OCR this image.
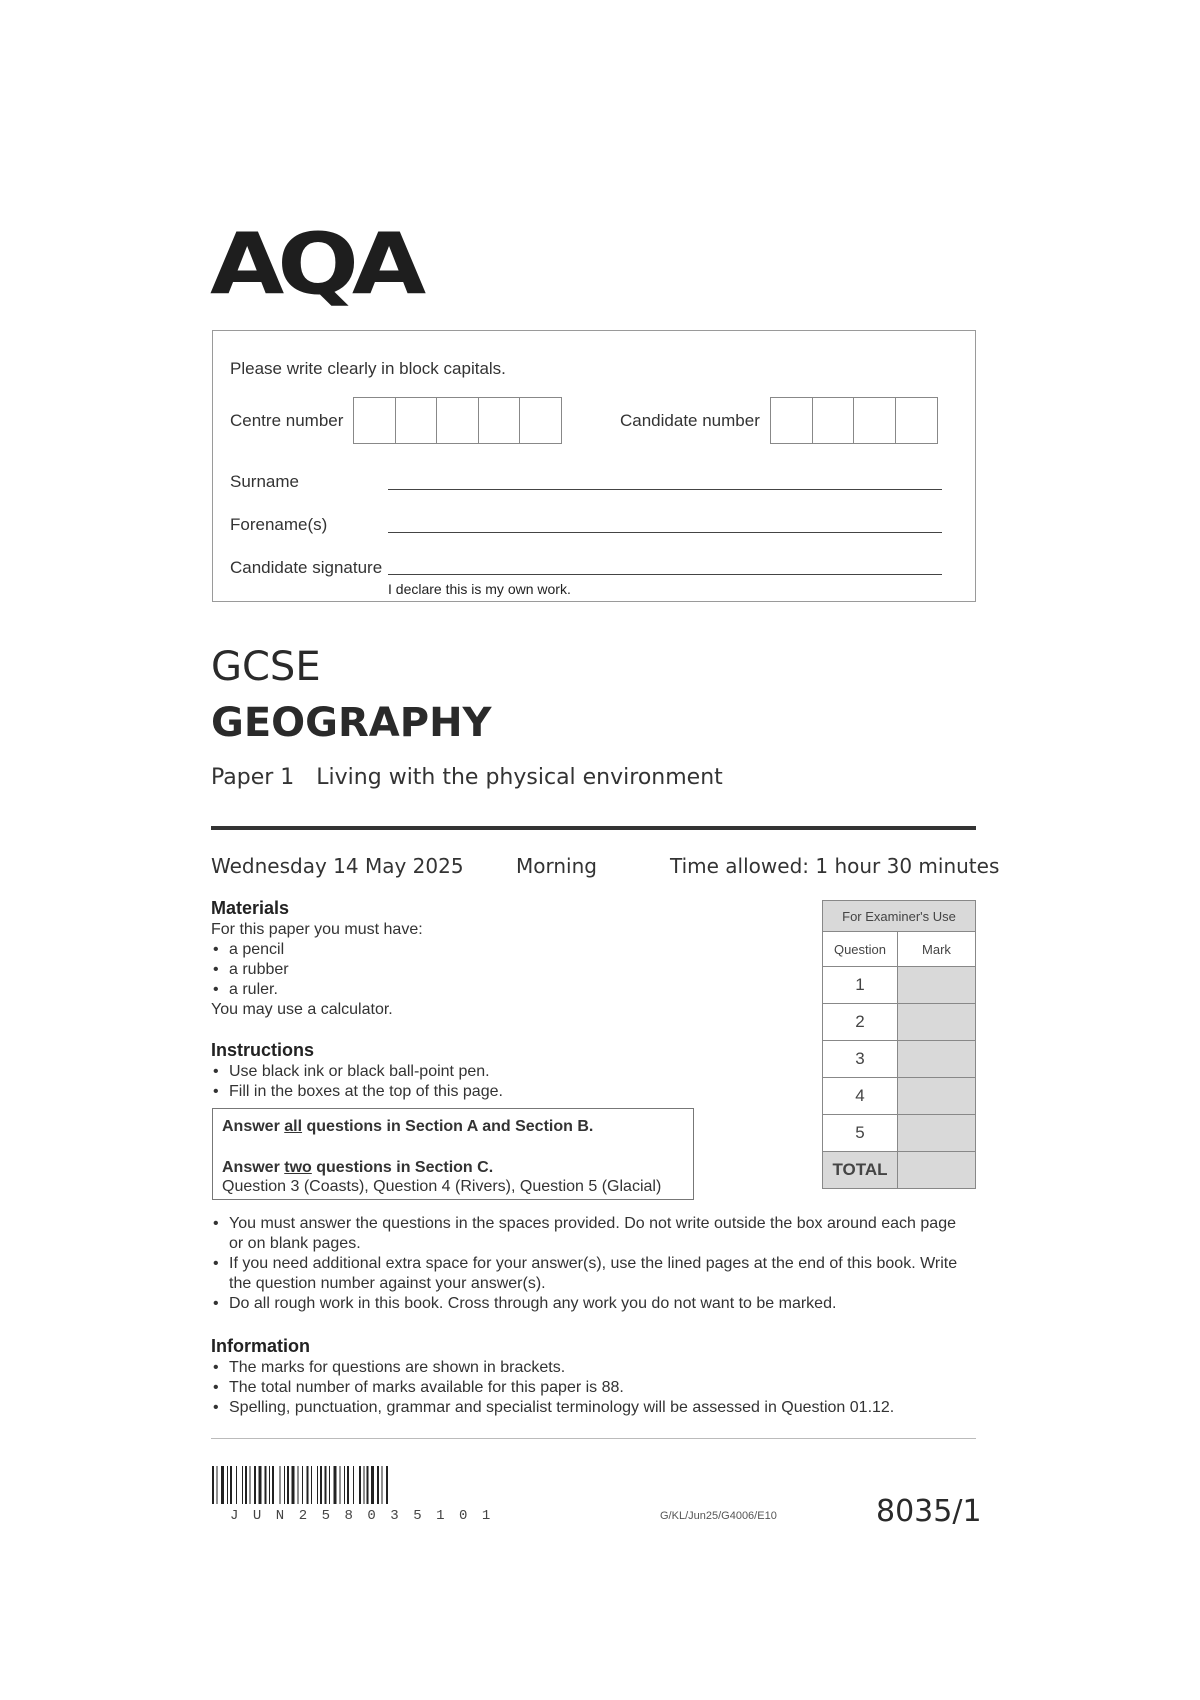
AQA
Please write clearly in block capitals.
Centre number	Candidate number
Surname
Forename(s)
Candidate signature
I declare this is my own work.
GCSE
GEOGRAPHY
Paper 1 Living with the physical environment
Wednesday 14 May 2025	Morning	Time allowed: 1 hour 30 minutes
Materials
For this paper you must have:
• a pencil
• a rubber
• a ruler.
You may use a calculator.
Instructions
• Use black ink or black ball-point pen.
• Fill in the boxes at the top of this page.
Answer all questions in Section A and Section B.
Answer two questions in Section C.
Question 3 (Coasts), Question 4 (Rivers), Question 5 (Glacial)
For Examiner's Use	
Question	Mark
1	
2	
3	
4	
5	
TOTAL	
• You must answer the questions in the spaces provided. Do not write outside the box around each page or on blank pages.
• If you need additional extra space for your answer(s), use the lined pages at the end of this book. Write the question number against your answer(s).
• Do all rough work in this book. Cross through any work you do not want to be marked.
Information
• The marks for questions are shown in brackets.
• The total number of marks available for this paper is 88.
• Spelling, punctuation, grammar and specialist terminology will be assessed in Question 01.12.
JUN258035101	G/KL/Jun25/G4006/E10	8035/1
